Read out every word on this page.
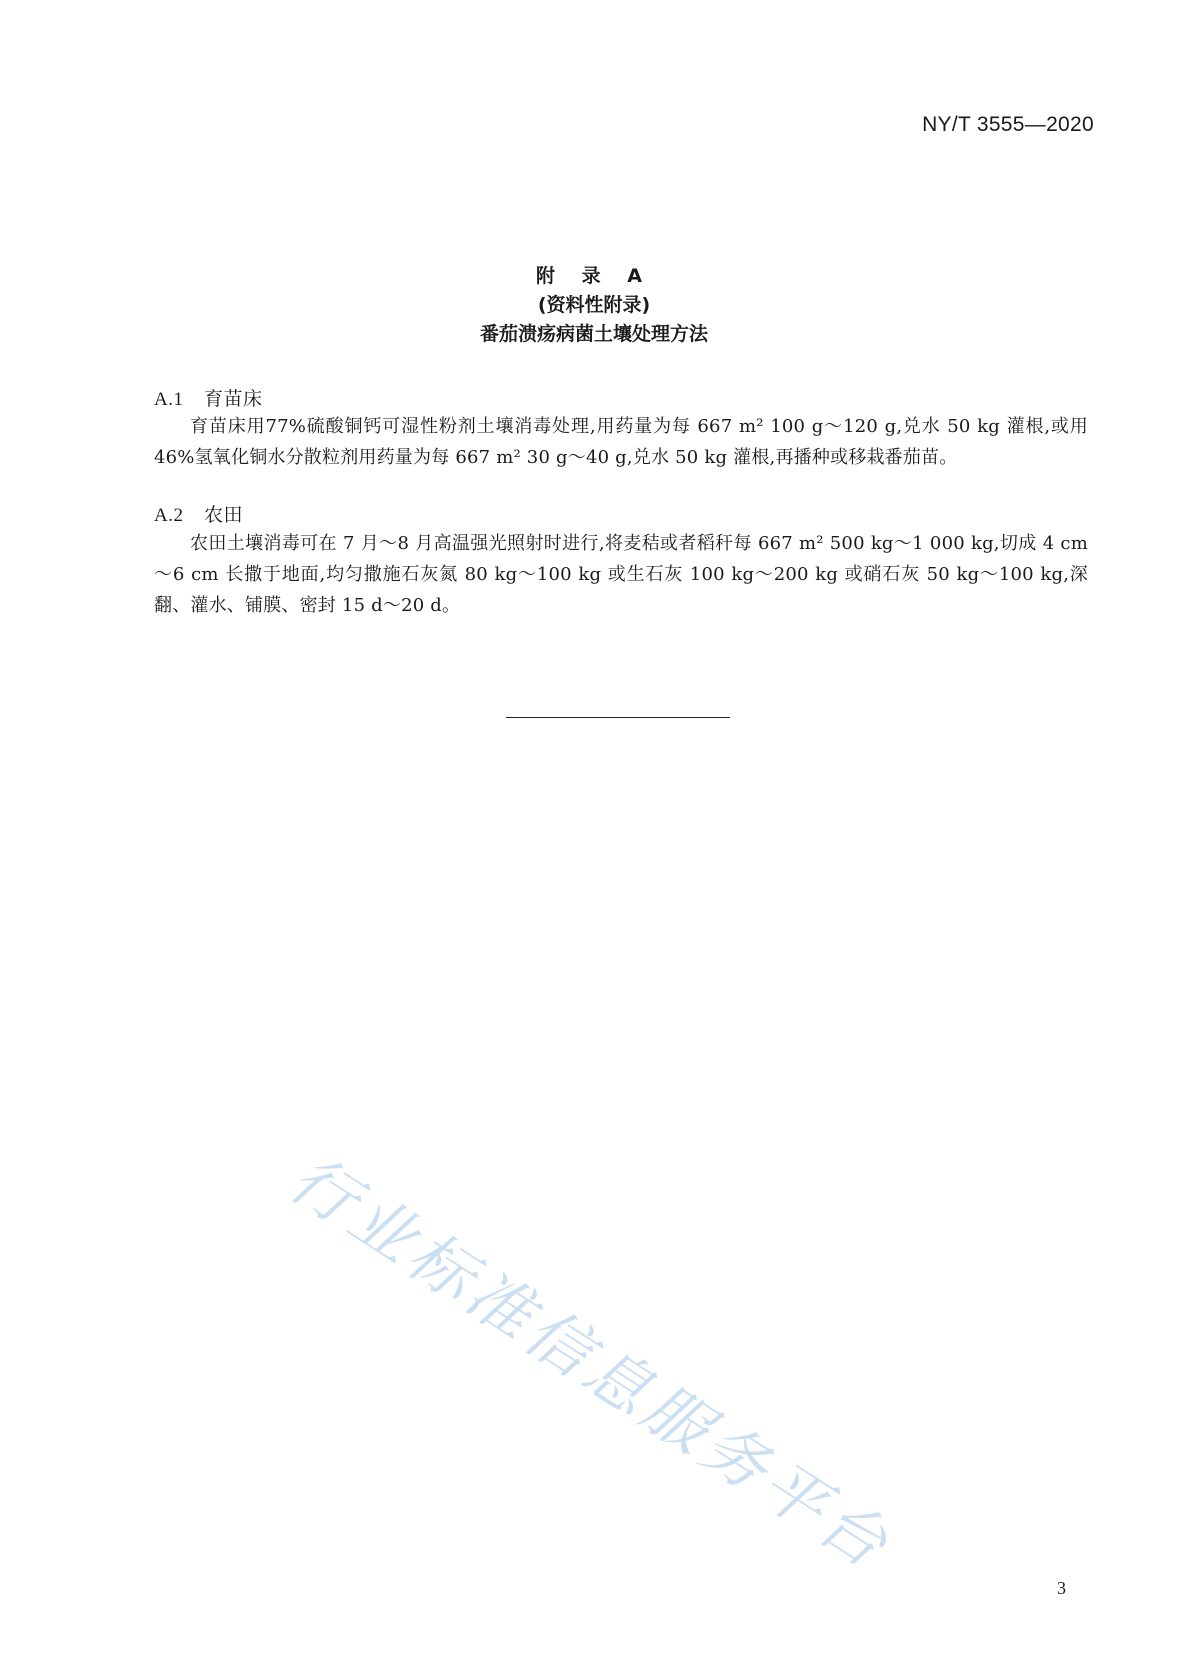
NY/T 3555—2020
附 录 A
(资料性附录)
番茄溃疡病菌土壤处理方法
A.1 育苗床

育苗床用77%硫酸铜钙可湿性粉剂土壤消毒处理,用药量为每 667 m² 100 g～120 g,兑水 50 kg 灌根,或用46%氢氧化铜水分散粒剂用药量为每 667 m² 30 g～40 g,兑水 50 kg 灌根,再播种或移栽番茄苗。

A.2 农田

农田土壤消毒可在 7 月～8 月高温强光照射时进行,将麦秸或者稻秆每 667 m² 500 kg～1 000 kg,切成 4 cm～6 cm 长撒于地面,均匀撒施石灰氮 80 kg～100 kg 或生石灰 100 kg～200 kg 或硝石灰 50 kg～100 kg,深翻、灌水、铺膜、密封 15 d～20 d。

行业标准信息服务平台
3
